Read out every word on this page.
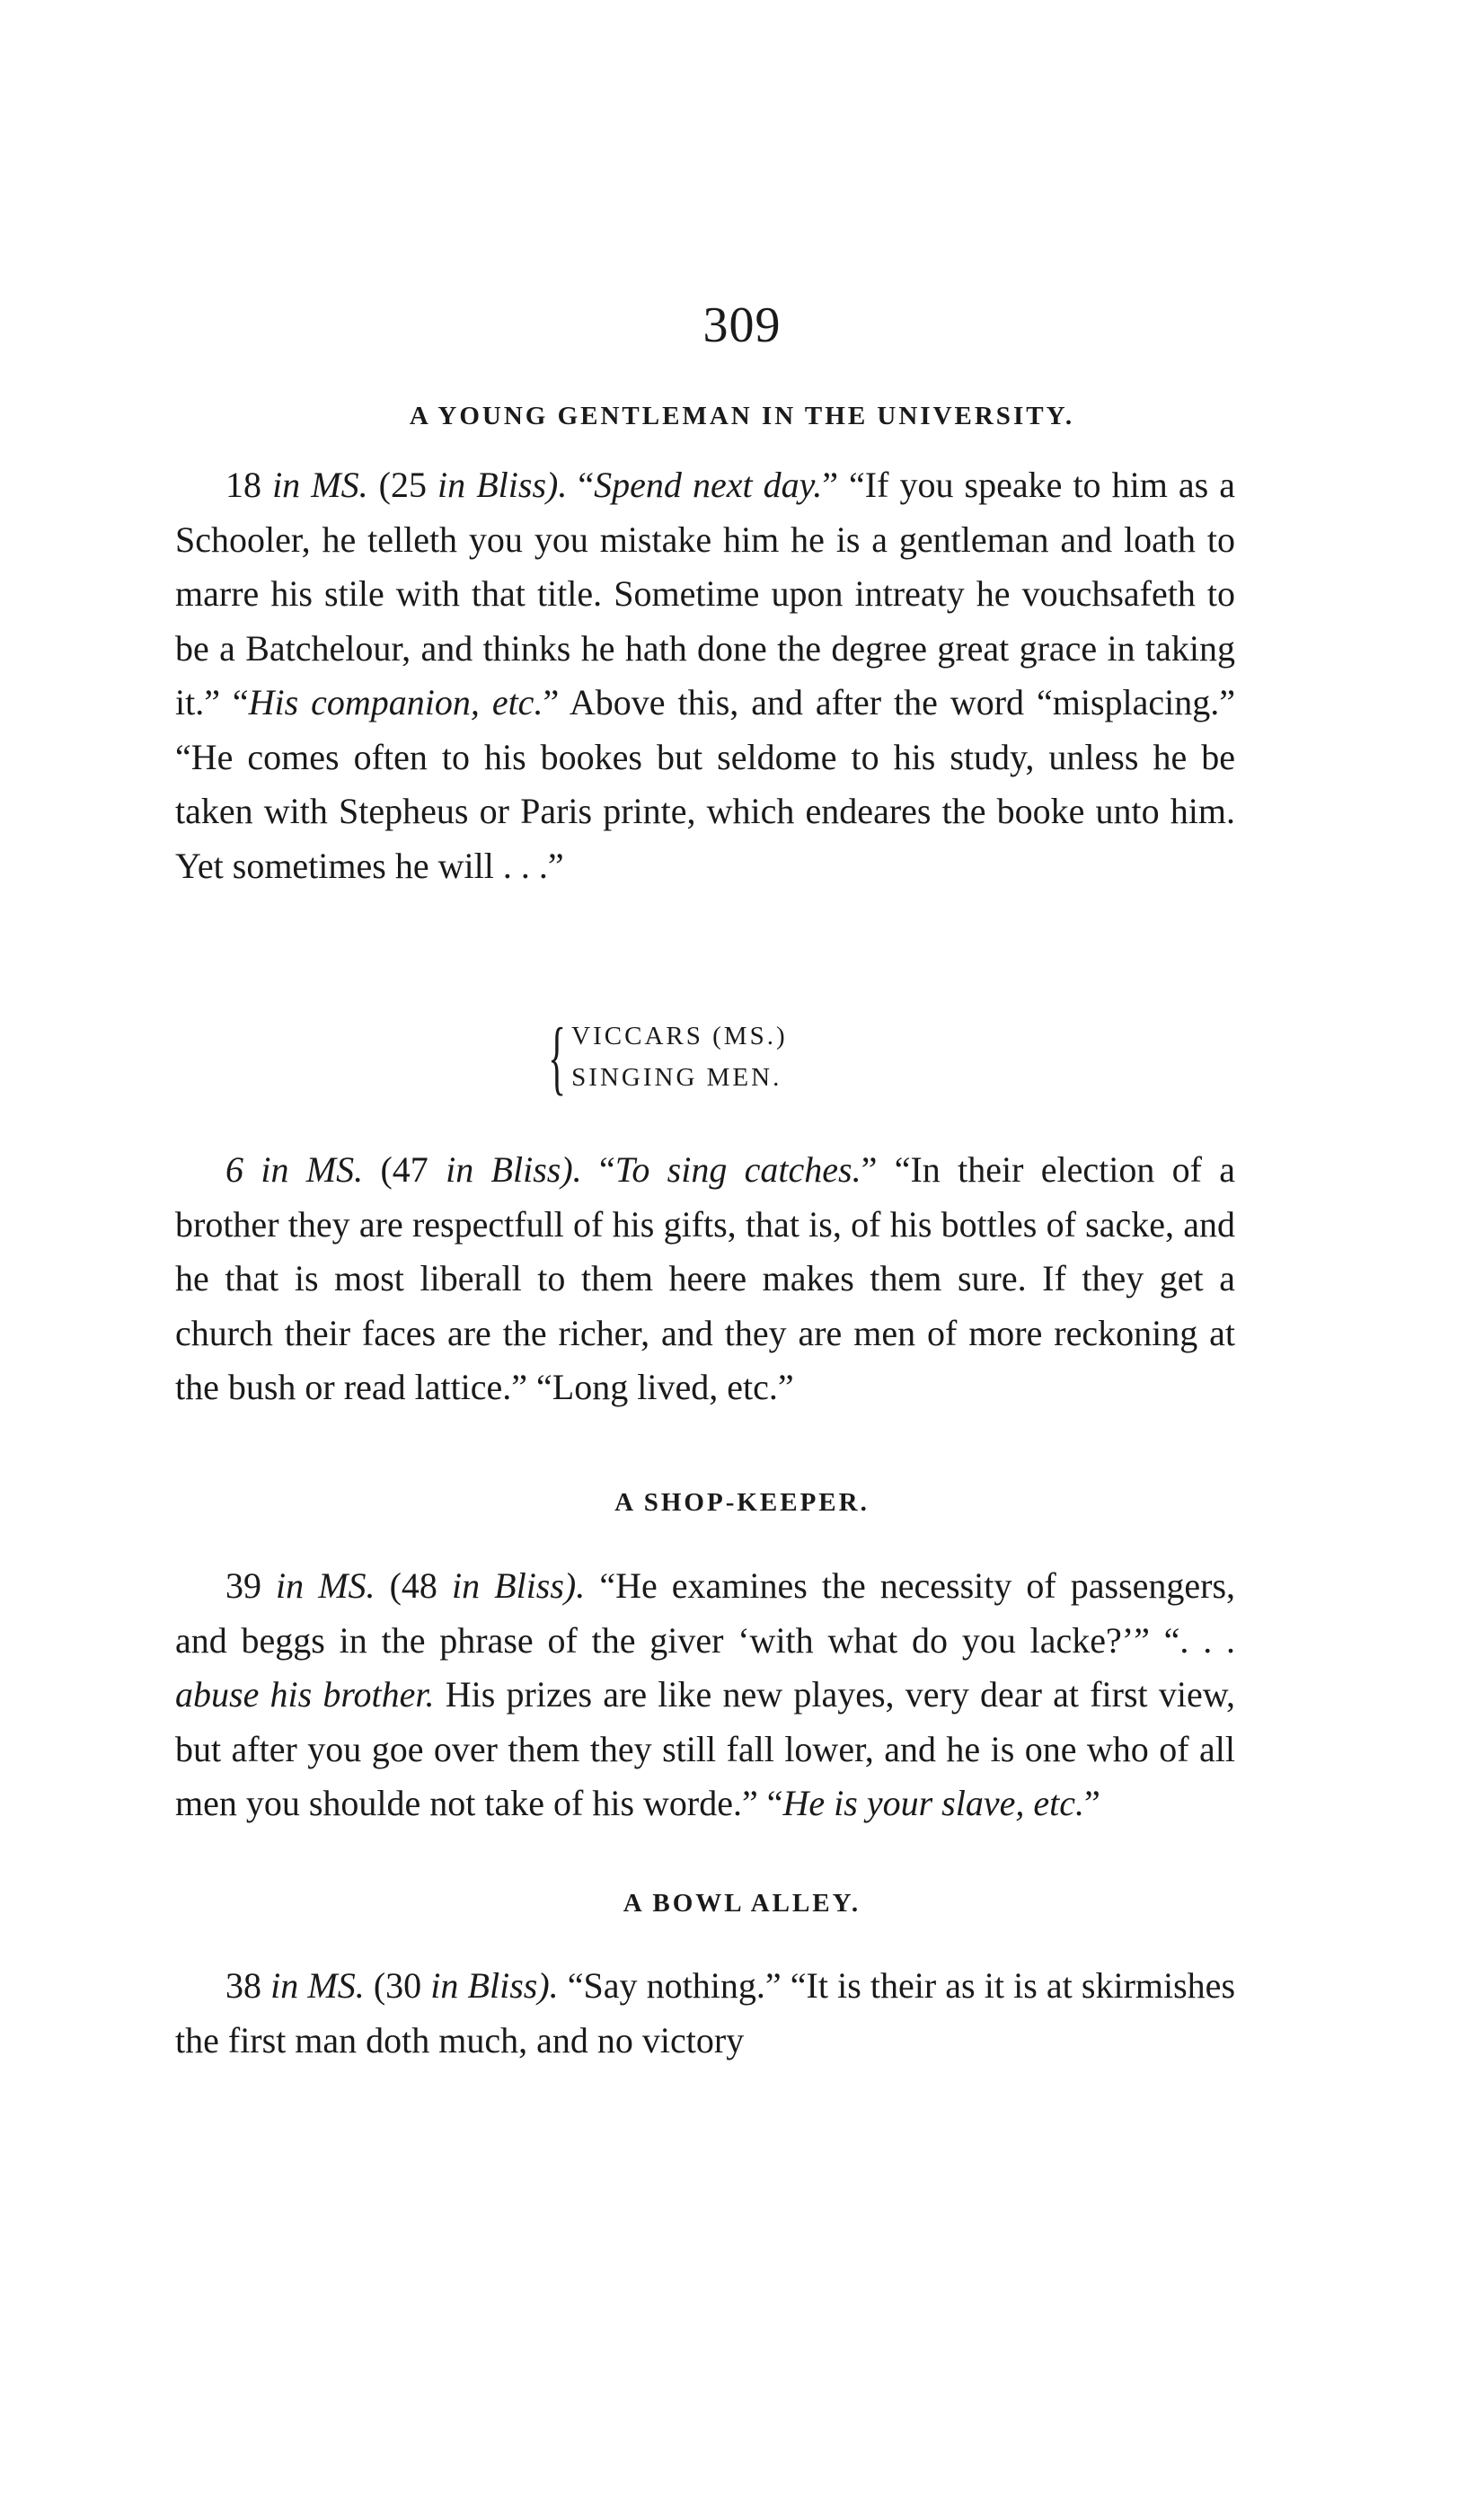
309
A YOUNG GENTLEMAN IN THE UNIVERSITY.

18 in MS. (25 in Bliss). “Spend next day.” “If you speake to him as a Schooler, he telleth you you mistake him he is a gentleman and loath to marre his stile with that title. Sometime upon intreaty he vouchsafeth to be a Batchelour, and thinks he hath done the degree great grace in taking it.” “His companion, etc.” Above this, and after the word “misplacing.” “He comes often to his bookes but seldome to his study, unless he be taken with Stepheus or Paris printe, which endeares the booke unto him. Yet sometimes he will . . .”

{ VICCARS (MS.)
SINGING MEN.

6 in MS. (47 in Bliss). “To sing catches.” “In their election of a brother they are respectfull of his gifts, that is, of his bottles of sacke, and he that is most liberall to them heere makes them sure. If they get a church their faces are the richer, and they are men of more reckoning at the bush or read lattice.” “Long lived, etc.”

A SHOP-KEEPER.

39 in MS. (48 in Bliss). “He examines the necessity of passengers, and beggs in the phrase of the giver ‘with what do you lacke?’” “. . . abuse his brother. His prizes are like new playes, very dear at first view, but after you goe over them they still fall lower, and he is one who of all men you shoulde not take of his worde.” “He is your slave, etc.”

A BOWL ALLEY.

38 in MS. (30 in Bliss). “Say nothing.” “It is their as it is at skirmishes the first man doth much, and no victory
